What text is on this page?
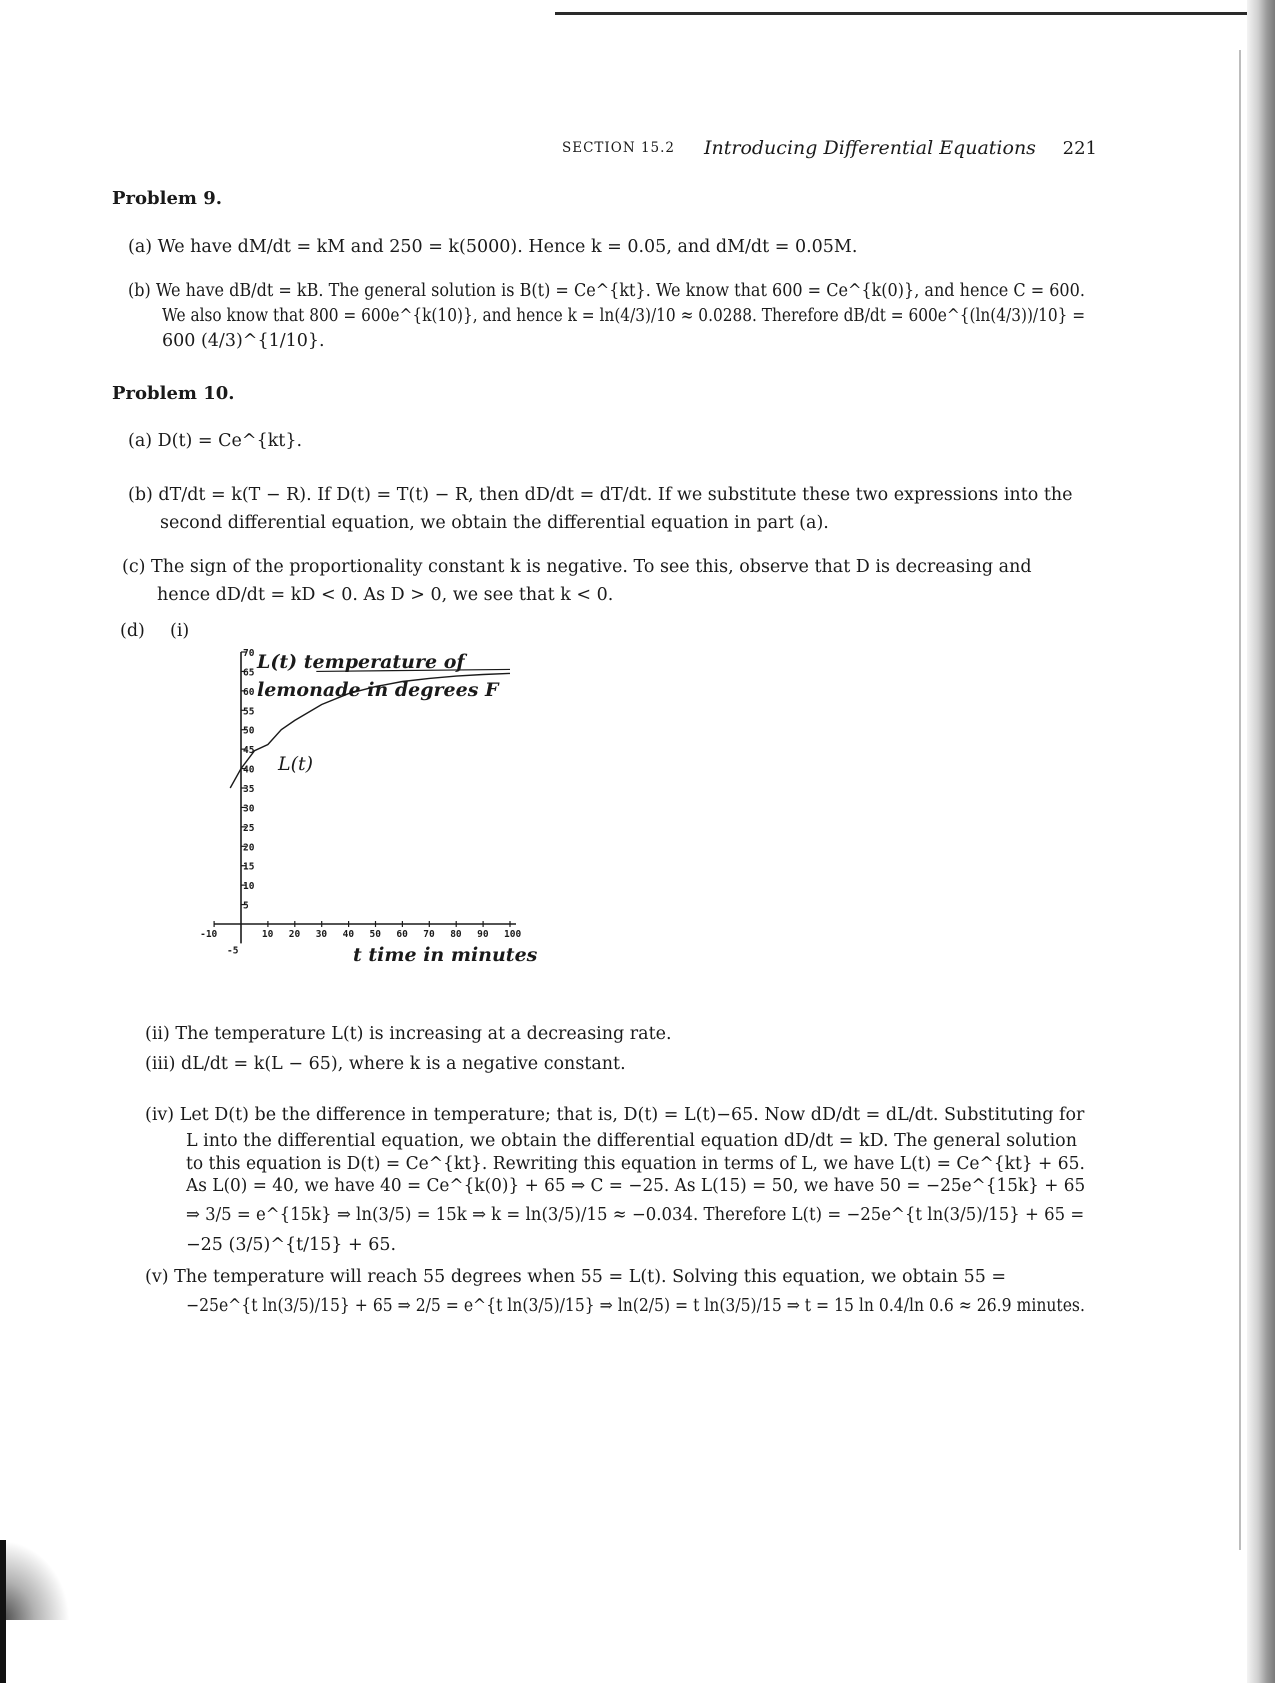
SECTION 15.2 Introducing Differential Equations 221
Problem 9.
(a) We have dM/dt = kM and 250 = k(5000). Hence k = 0.05, and dM/dt = 0.05M.
(b) We have dB/dt = kB. The general solution is B(t) = Ce^{kt}. We know that 600 = Ce^{k(0)}, and hence C = 600.
We also know that 800 = 600e^{k(10)}, and hence k = ln(4/3)/10 ≈ 0.0288. Therefore dB/dt = 600e^{(ln(4/3))/10} =
600 (4/3)^{1/10}.
Problem 10.
(a) D(t) = Ce^{kt}.
(b) dT/dt = k(T − R). If D(t) = T(t) − R, then dD/dt = dT/dt. If we substitute these two expressions into the
second differential equation, we obtain the differential equation in part (a).
(c) The sign of the proportionality constant k is negative. To see this, observe that D is decreasing and
hence dD/dt = kD < 0. As D > 0, we see that k < 0.
(d) (i)
L(t) temperature of
lemonade in degrees F
t time in minutes
L(t)
-5
5
10
15
20
25
30
35
40
45
50
55
60
65
70
-10	10 20 30 40 50 60 70 80 90 100
(ii) The temperature L(t) is increasing at a decreasing rate.
(iii) dL/dt = k(L − 65), where k is a negative constant.
(iv) Let D(t) be the difference in temperature; that is, D(t) = L(t)−65. Now dD/dt = dL/dt. Substituting for
L into the differential equation, we obtain the differential equation dD/dt = kD. The general solution
to this equation is D(t) = Ce^{kt}. Rewriting this equation in terms of L, we have L(t) = Ce^{kt} + 65.
As L(0) = 40, we have 40 = Ce^{k(0)} + 65 ⇒ C = −25. As L(15) = 50, we have 50 = −25e^{15k} + 65
⇒ 3/5 = e^{15k} ⇒ ln(3/5) = 15k ⇒ k = ln(3/5)/15 ≈ −0.034. Therefore L(t) = −25e^{t ln(3/5)/15} + 65 =
−25 (3/5)^{t/15} + 65.
(v) The temperature will reach 55 degrees when 55 = L(t). Solving this equation, we obtain 55 =
−25e^{t ln(3/5)/15} + 65 ⇒ 2/5 = e^{t ln(3/5)/15} ⇒ ln(2/5) = t ln(3/5)/15 ⇒ t = 15 ln 0.4/ln 0.6 ≈ 26.9 minutes.
